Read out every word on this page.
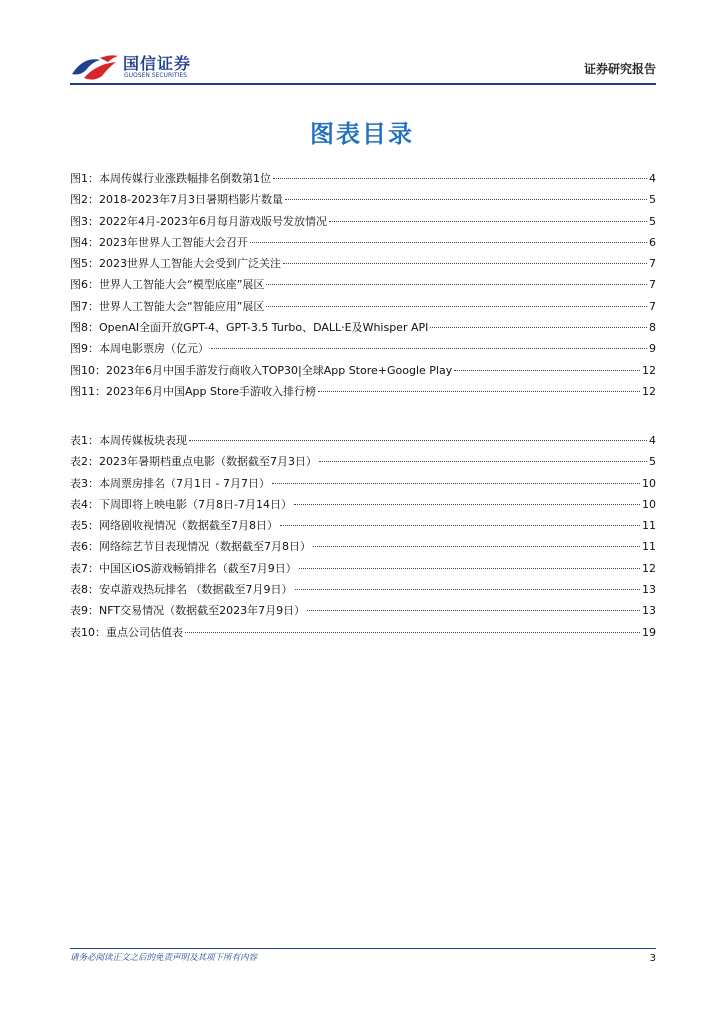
国信证券
GUOSEN SECURITIES	证券研究报告
图表目录
图1： 本周传媒行业涨跌幅排名倒数第1位	4
图2： 2018-2023年7月3日暑期档影片数量	5
图3： 2022年4月-2023年6月每月游戏版号发放情况	5
图4： 2023年世界人工智能大会召开	6
图5： 2023世界人工智能大会受到广泛关注	7
图6： 世界人工智能大会“模型底座”展区	7
图7： 世界人工智能大会“智能应用”展区	7
图8： OpenAI全面开放GPT-4、GPT-3.5 Turbo、DALL·E及Whisper API	8
图9： 本周电影票房（亿元）	9
图10： 2023年6月中国手游发行商收入TOP30|全球App Store+Google Play	12
图11： 2023年6月中国App Store手游收入排行榜	12
表1： 本周传媒板块表现	4
表2： 2023年暑期档重点电影（数据截至7月3日）	5
表3： 本周票房排名（7月1日 - 7月7日）	10
表4： 下周即将上映电影（7月8日-7月14日）	10
表5： 网络剧收视情况（数据截至7月8日）	11
表6： 网络综艺节目表现情况（数据截至7月8日）	11
表7： 中国区iOS游戏畅销排名（截至7月9日）	12
表8： 安卓游戏热玩排名 （数据截至7月9日）	13
表9： NFT交易情况（数据截至2023年7月9日）	13
表10： 重点公司估值表	19
请务必阅读正文之后的免责声明及其项下所有内容	3
